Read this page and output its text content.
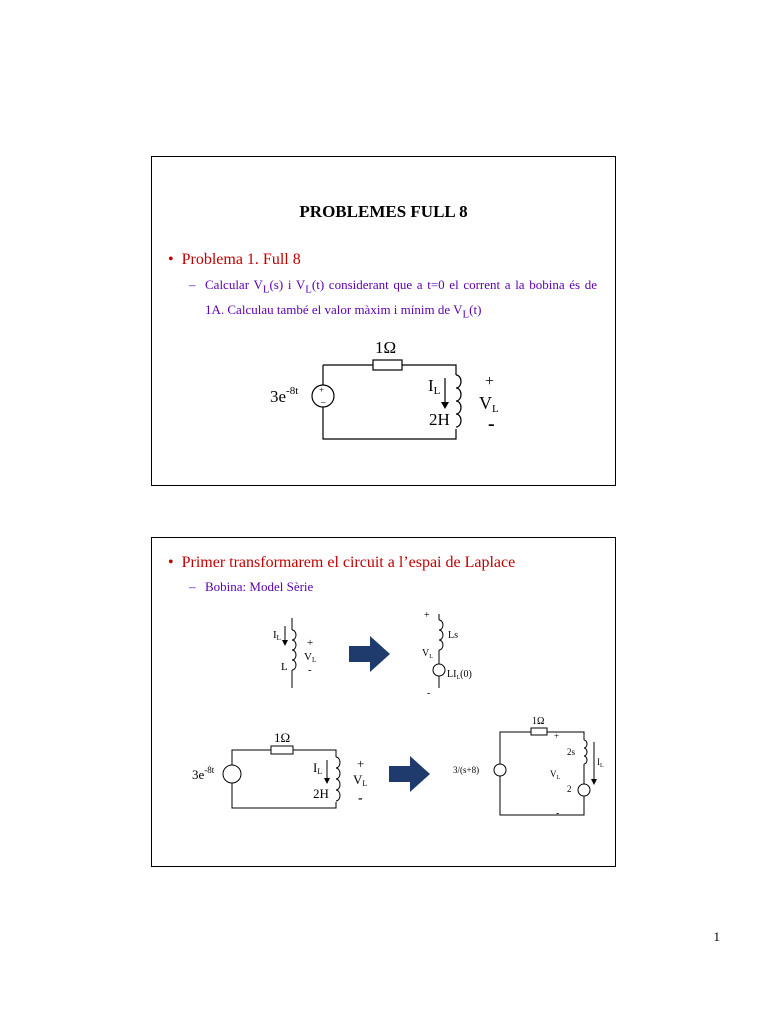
PROBLEMES FULL 8
•  Problema 1. Full 8
– Calcular $V_L(s)$ i $V_L(t)$ considerant que a t=0 el corrent a la bobina és de 1A. Calculau també el valor màxim i mínim de $V_L(t)$
+
–
1Ω
$3e^{-8t}$	IL
2H
+
VL
-
•  Primer transformarem el circuit a l’espai de Laplace
– Bobina: Model Sèrie
IL +
VL
-
L
+
Ls
$V_L$
$LI_L(0)$
-
1Ω
$3e^{-8t}$	IL
2H
+
VL
-
1Ω
3/(s+8)
+
2s
$I_L$
$V_L$
2
-
1
